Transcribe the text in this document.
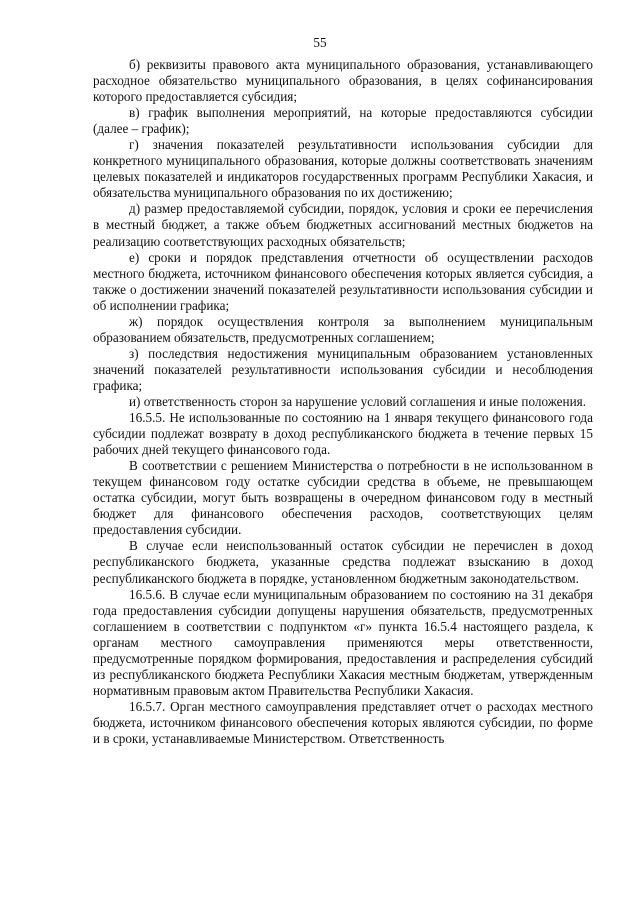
55

б) реквизиты правового акта муниципального образования, устанавливающего расходное обязательство муниципального образования, в целях софинансирования которого предоставляется субсидия;

в) график выполнения мероприятий, на которые предоставляются субсидии (далее – график);

г) значения показателей результативности использования субсидии для конкретного муниципального образования, которые должны соответствовать значениям целевых показателей и индикаторов государственных программ Республики Хакасия, и обязательства муниципального образования по их достижению;

д) размер предоставляемой субсидии, порядок, условия и сроки ее перечисления в местный бюджет, а также объем бюджетных ассигнований местных бюджетов на реализацию соответствующих расходных обязательств;

е) сроки и порядок представления отчетности об осуществлении расходов местного бюджета, источником финансового обеспечения которых является субсидия, а также о достижении значений показателей результативности использования субсидии и об исполнении графика;

ж) порядок осуществления контроля за выполнением муниципальным образованием обязательств, предусмотренных соглашением;

з) последствия недостижения муниципальным образованием установленных значений показателей результативности использования субсидии и несоблюдения графика;

и) ответственность сторон за нарушение условий соглашения и иные положения.

16.5.5. Не использованные по состоянию на 1 января текущего финансового года субсидии подлежат возврату в доход республиканского бюджета в течение первых 15 рабочих дней текущего финансового года.

В соответствии с решением Министерства о потребности в не использованном в текущем финансовом году остатке субсидии средства в объеме, не превышающем остатка субсидии, могут быть возвращены в очередном финансовом году в местный бюджет для финансового обеспечения расходов, соответствующих целям предоставления субсидии.

В случае если неиспользованный остаток субсидии не перечислен в доход республиканского бюджета, указанные средства подлежат взысканию в доход республиканского бюджета в порядке, установленном бюджетным законодательством.

16.5.6. В случае если муниципальным образованием по состоянию на 31 декабря года предоставления субсидии допущены нарушения обязательств, предусмотренных соглашением в соответствии с подпунктом «г» пункта 16.5.4 настоящего раздела, к органам местного самоуправления применяются меры ответственности, предусмотренные порядком формирования, предоставления и распределения субсидий из республиканского бюджета Республики Хакасия местным бюджетам, утвержденным нормативным правовым актом Правительства Республики Хакасия.

16.5.7. Орган местного самоуправления представляет отчет о расходах местного бюджета, источником финансового обеспечения которых являются субсидии, по форме и в сроки, устанавливаемые Министерством. Ответственность
